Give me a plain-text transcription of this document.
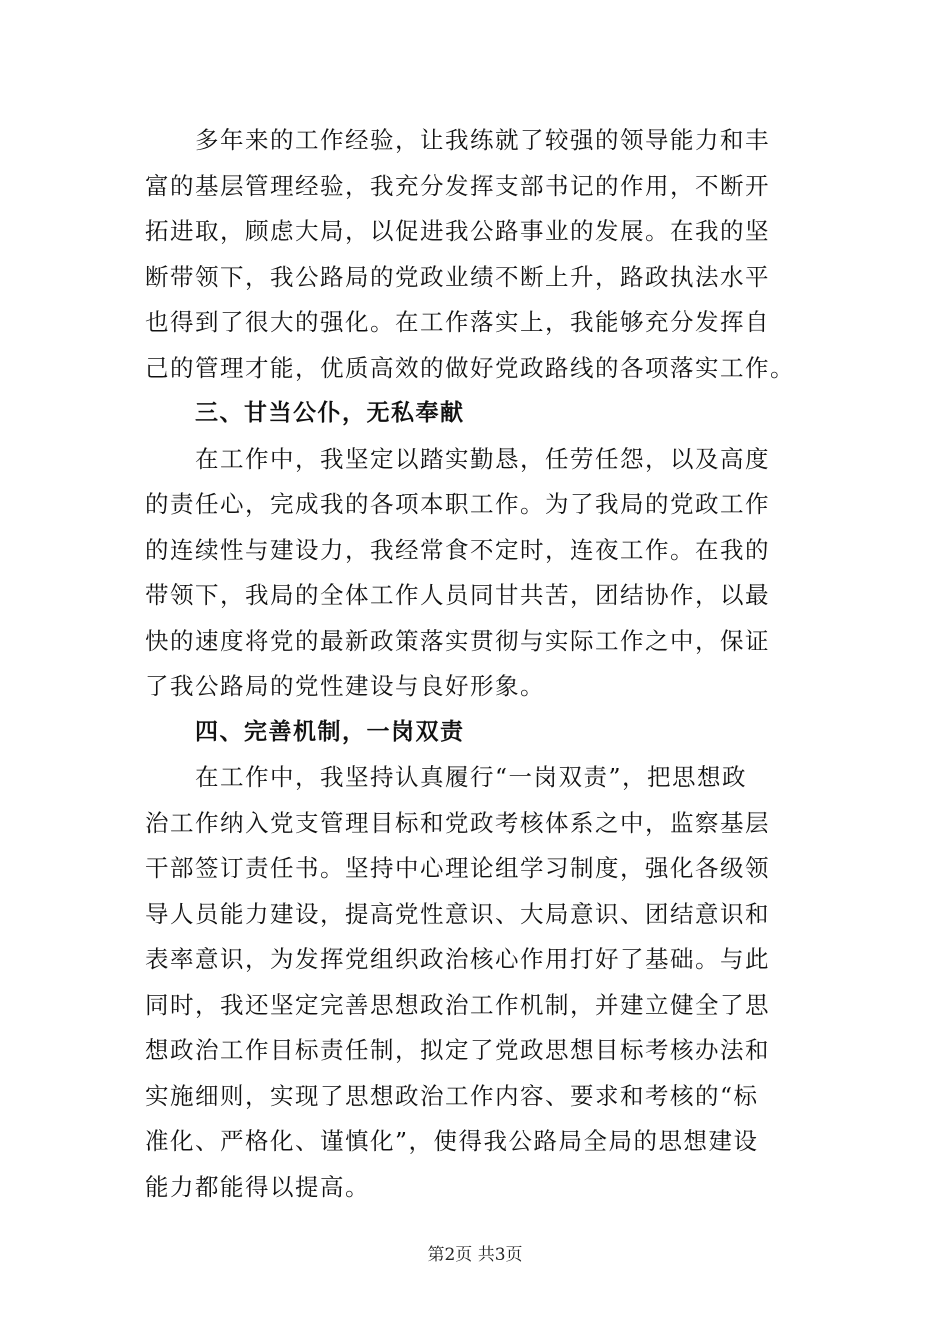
多年来的工作经验，让我练就了较强的领导能力和丰
富的基层管理经验，我充分发挥支部书记的作用，不断开
拓进取，顾虑大局，以促进我公路事业的发展。在我的坚
断带领下，我公路局的党政业绩不断上升，路政执法水平
也得到了很大的强化。在工作落实上，我能够充分发挥自
己的管理才能，优质高效的做好党政路线的各项落实工作。
三、甘当公仆，无私奉献
在工作中，我坚定以踏实勤恳，任劳任怨，以及高度
的责任心，完成我的各项本职工作。为了我局的党政工作
的连续性与建设力，我经常食不定时，连夜工作。在我的
带领下，我局的全体工作人员同甘共苦，团结协作，以最
快的速度将党的最新政策落实贯彻与实际工作之中，保证
了我公路局的党性建设与良好形象。
四、完善机制，一岗双责
在工作中，我坚持认真履行“一岗双责”，把思想政
治工作纳入党支管理目标和党政考核体系之中，监察基层
干部签订责任书。坚持中心理论组学习制度，强化各级领
导人员能力建设，提高党性意识、大局意识、团结意识和
表率意识，为发挥党组织政治核心作用打好了基础。与此
同时，我还坚定完善思想政治工作机制，并建立健全了思
想政治工作目标责任制，拟定了党政思想目标考核办法和
实施细则，实现了思想政治工作内容、要求和考核的“标
准化、严格化、谨慎化”，使得我公路局全局的思想建设
能力都能得以提高。
第2页 共3页
